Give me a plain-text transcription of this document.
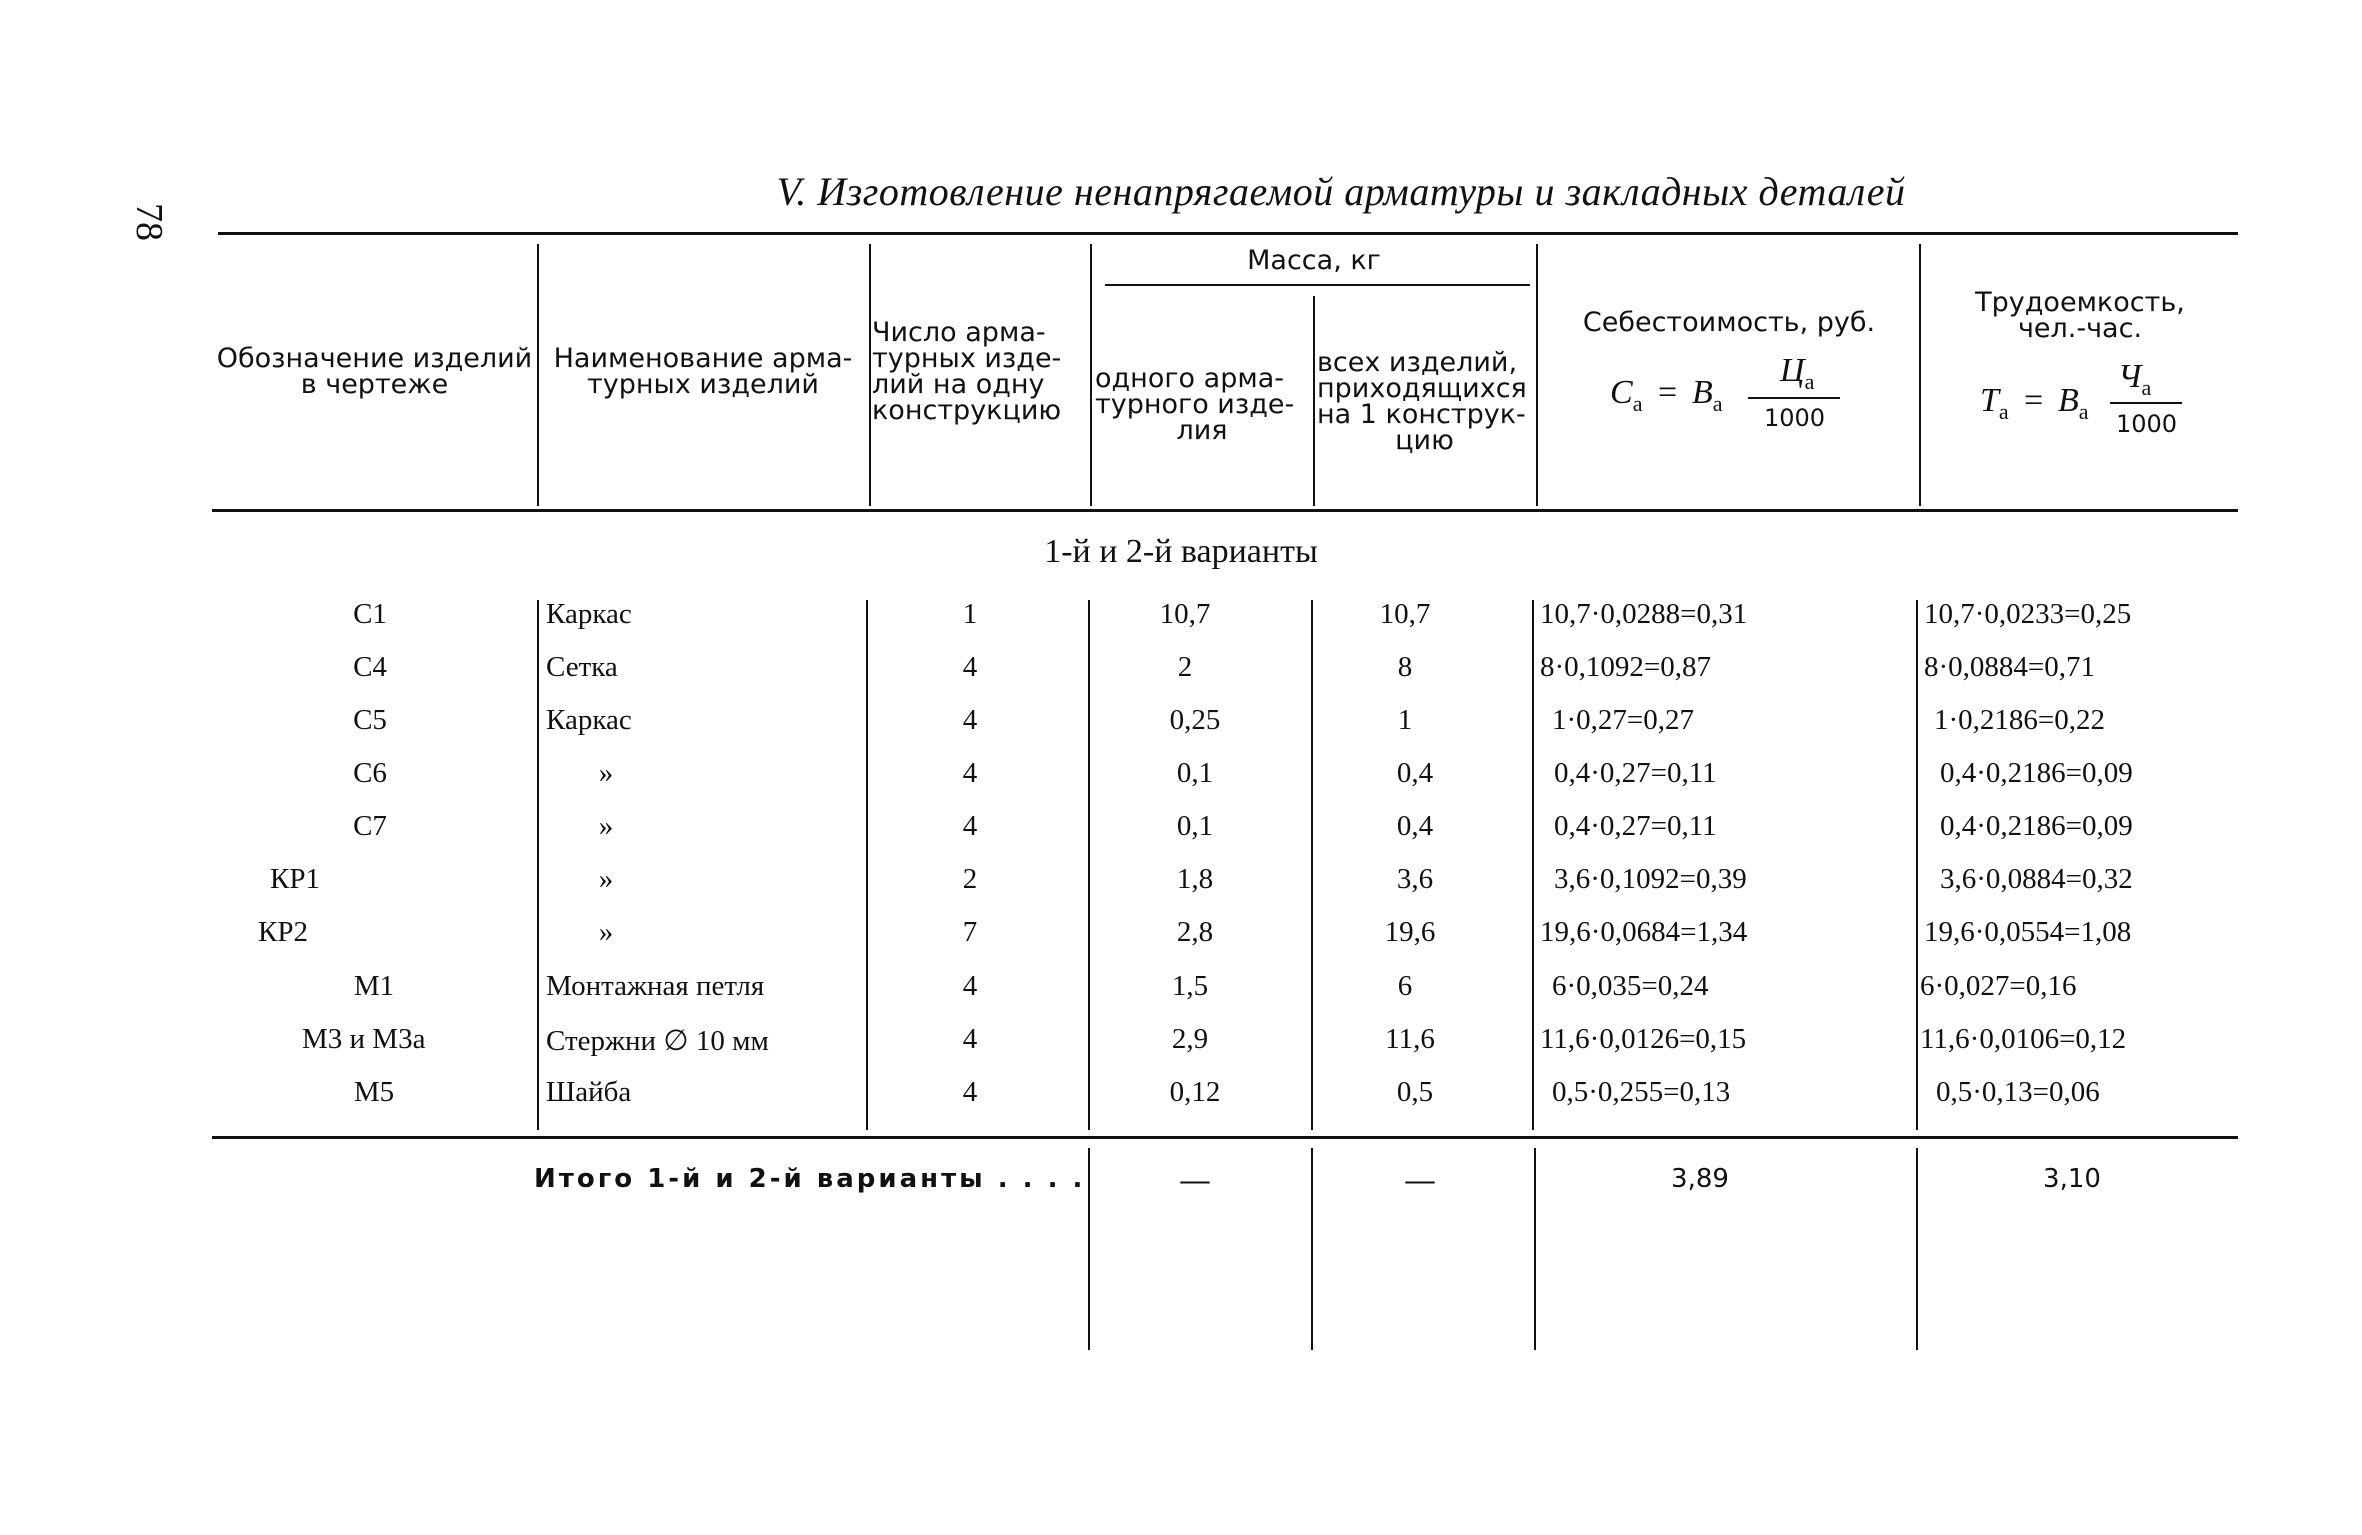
78
V. Изготовление ненапрягаемой арматуры и закладных деталей
Обозначение изделий
в чертеже
Наименование арма-
турных изделий
Число арма-
турных изде-
лий на одну
конструкцию
Масса, кг
одного арма-
турного изде-
лия
всех изделий,
приходящихся
на 1 конструк-
цию
Себестоимость, руб.
$С_а = В_а$
$Ц_а$
1000
Трудоемкость,
чел.-час.
$Т_а = В_а$
$Ч_а$
1000
1-й и 2-й варианты
С1	Каркас	1	10,7	10,7	10,7·0,0288=0,31	10,7·0,0233=0,25
С4	Сетка	4	2	8	8·0,1092=0,87	8·0,0884=0,71
С5	Каркас	4	0,25	1	1·0,27=0,27	1·0,2186=0,22
С6	»	4	0,1	0,4	0,4·0,27=0,11	0,4·0,2186=0,09
С7	»	4	0,1	0,4	0,4·0,27=0,11	0,4·0,2186=0,09
КР1	»	2	1,8	3,6	3,6·0,1092=0,39	3,6·0,0884=0,32
КР2	»	7	2,8	19,6	19,6·0,0684=1,34	19,6·0,0554=1,08
М1	Монтажная петля	4	1,5	6	6·0,035=0,24	6·0,027=0,16
М3 и М3а	Стержни ∅ 10 мм	4	2,9	11,6	11,6·0,0126=0,15	11,6·0,0106=0,12
М5	Шайба	4	0,12	0,5	0,5·0,255=0,13	0,5·0,13=0,06
Итого 1-й и 2-й варианты . . . .	—	—	3,89	3,10
